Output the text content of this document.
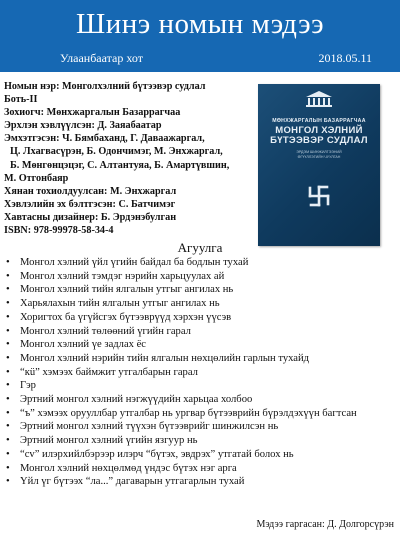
Шинэ номын мэдээ
Улаанбаатар хот	2018.05.11
Номын нэр: Монголхэлний бүтээвэр судлал
Боть-II
Зохиогч: Мөнхжаргалын Базаррагчаа
Эрхлэн хэвлүүлсэн: Д. Заяабаатар
Эмхэтгэсэн: Ч. Бямбаханд, Г. Даваажаргал,
Ц. Лхагвасүрэн, Б. Одончимэг, М. Энхжаргал,
Б. Мөнгөнцэцэг, С. Алтантуяа, Б. Амартүвшин,
М. Отгонбаяр
Хянан тохиолдуулсан: М. Энхжаргал
Хэвлэлийн эх бэлтгэсэн: С. Батчимэг
Хавтасны дизайнер: Б. Эрдэнэбулган
ISBN: 978-99978-58-34-4
МӨНХЖАРГАЛЫН БАЗАРРАГЧАА
МОНГОЛ ХЭЛНИЙ
БҮТЭЭВЭР СУДЛАЛ
ЭРДЭМ ШИНЖИЛГЭЭНИЙ
ӨГҮҮЛЛЭГИЙН ЧУУЛГАН
Агуулга
• Монгол хэлний үйл үгийн байдал ба бодлын тухай
• Монгол хэлний тэмдэг нэрийн харьцуулах ай
• Монгол хэлний тийн ялгалын утгыг ангилах нь
• Харьялахын тийн ялгалын утгыг ангилах нь
• Хоригтох ба үгүйсгэх бүтээврүүд хэрхэн үүсэв
• Монгол хэлний төлөөний үгийн гарал
• Монгол хэлний үе задлах ёс
• Монгол хэлний нэрийн тийн ялгалын нөхцөлийн гарлын тухайд
• “кü” хэмээх баймжит утгалбарын гарал
• Гэр
• Эртний монгол хэлний нэгжүүдийн харьцаа холбоо
• “ъ” хэмээх орууллбар утгалбар нь ургвар бүтээврийн бүрэлдэхүүн багтсан
• Эртний монгол хэлний түүхэн бүтээврийг шинжилсэн нь
• Эртний монгол хэлний үгийн язгуур нь
• “сv” илэрхийлбэрээр илэрч “бүтэх, эвдрэх” утгатай болох нь
• Монгол хэлний нөхцөлмөд үндэс бүтэх нэг арга
• Үйл үг бүтээх “ла...” дагаварын утгагарлын тухай
Мэдээ гаргасан: Д. Долгорсүрэн
